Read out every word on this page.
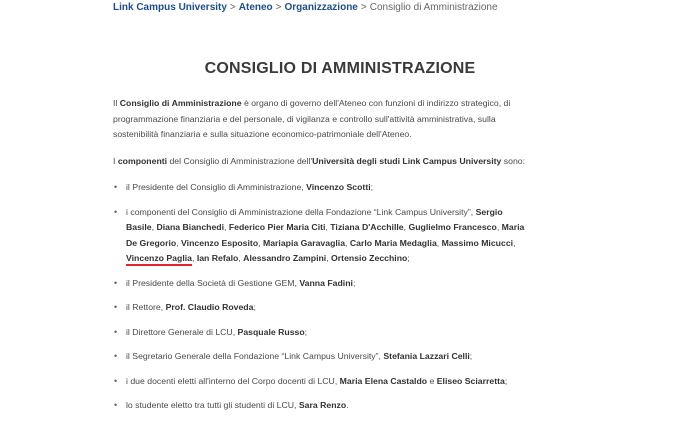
Link Campus University > Ateneo > Organizzazione > Consiglio di Amministrazione
CONSIGLIO DI AMMINISTRAZIONE

Il Consiglio di Amministrazione è organo di governo dell'Ateneo con funzioni di indirizzo strategico, di programmazione finanziaria e del personale, di vigilanza e controllo sull'attività amministrativa, sulla sostenibilità finanziaria e sulla situazione economico-patrimoniale dell'Ateneo.

I componenti del Consiglio di Amministrazione dell'Università degli studi Link Campus University sono:

• il Presidente del Consiglio di Amministrazione, Vincenzo Scotti;
• i componenti del Consiglio di Amministrazione della Fondazione “Link Campus University”, Sergio Basile, Diana Bianchedi, Federico Pier Maria Citi, Tiziana D'Acchille, Guglielmo Francesco, Maria De Gregorio, Vincenzo Esposito, Mariapia Garavaglia, Carlo Maria Medaglia, Massimo Micucci, Vincenzo Paglia, Ian Refalo, Alessandro Zampini, Ortensio Zecchino;
• il Presidente della Società di Gestione GEM, Vanna Fadini;
• il Rettore, Prof. Claudio Roveda;
• il Direttore Generale di LCU, Pasquale Russo;
• il Segretario Generale della Fondazione “Link Campus University”, Stefania Lazzari Celli;
• i due docenti eletti all'interno del Corpo docenti di LCU, Maria Elena Castaldo e Eliseo Sciarretta;
• lo studente eletto tra tutti gli studenti di LCU, Sara Renzo.
